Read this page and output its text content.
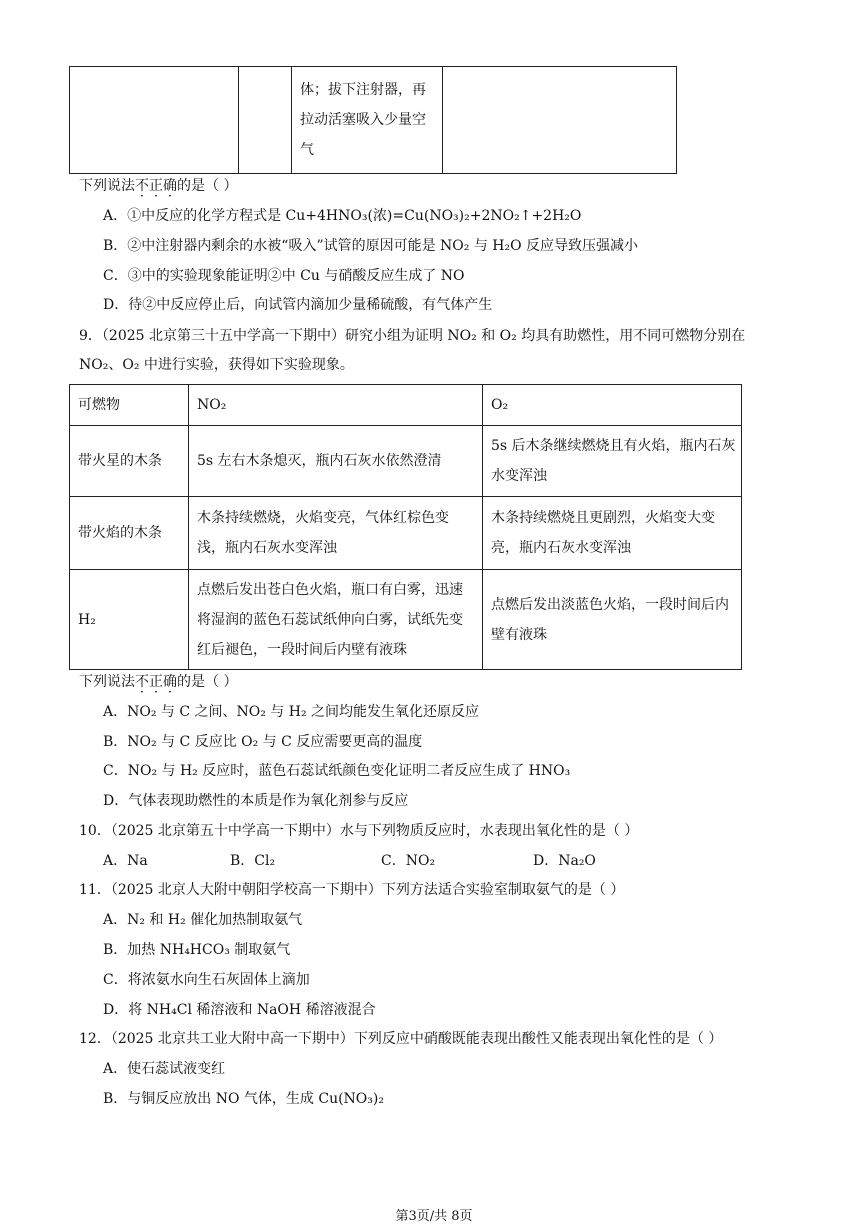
体；拔下注射器，再拉动活塞吸入少量空气

下列说法不正确的是（ ）
A．①中反应的化学方程式是 Cu+4HNO₃(浓)=Cu(NO₃)₂+2NO₂↑+2H₂O
B．②中注射器内剩余的水被“吸入”试管的原因可能是 NO₂ 与 H₂O 反应导致压强减小
C．③中的实验现象能证明②中 Cu 与硝酸反应生成了 NO
D．待②中反应停止后，向试管内滴加少量稀硫酸，有气体产生
9．（2025 北京第三十五中学高一下期中）研究小组为证明 NO₂ 和 O₂ 均具有助燃性，用不同可燃物分别在
NO₂、O₂ 中进行实验，获得如下实验现象。
可燃物	NO₂	O₂

带火星的木条	5s 左右木条熄灭，瓶内石灰水依然澄清	5s 后木条继续燃烧且有火焰，瓶内石灰水变浑浊

带火焰的木条	木条持续燃烧，火焰变亮，气体红棕色变浅，瓶内石灰水变浑浊	木条持续燃烧且更剧烈，火焰变大变亮，瓶内石灰水变浑浊

H₂	点燃后发出苍白色火焰，瓶口有白雾，迅速将湿润的蓝色石蕊试纸伸向白雾，试纸先变红后褪色，一段时间后内壁有液珠	点燃后发出淡蓝色火焰，一段时间后内壁有液珠
下列说法不正确的是（ ）
A．NO₂ 与 C 之间、NO₂ 与 H₂ 之间均能发生氧化还原反应
B．NO₂ 与 C 反应比 O₂ 与 C 反应需要更高的温度
C．NO₂ 与 H₂ 反应时，蓝色石蕊试纸颜色变化证明二者反应生成了 HNO₃
D．气体表现助燃性的本质是作为氧化剂参与反应
10．（2025 北京第五十中学高一下期中）水与下列物质反应时，水表现出氧化性的是（ ）
A．Na	B．Cl₂	C．NO₂	D．Na₂O
11．（2025 北京人大附中朝阳学校高一下期中）下列方法适合实验室制取氨气的是（ ）
A．N₂ 和 H₂ 催化加热制取氨气
B．加热 NH₄HCO₃ 制取氨气
C．将浓氨水向生石灰固体上滴加
D．将 NH₄Cl 稀溶液和 NaOH 稀溶液混合
12．（2025 北京共工业大附中高一下期中）下列反应中硝酸既能表现出酸性又能表现出氧化性的是（ ）
A．使石蕊试液变红
B．与铜反应放出 NO 气体，生成 Cu(NO₃)₂
第3页/共 8页
